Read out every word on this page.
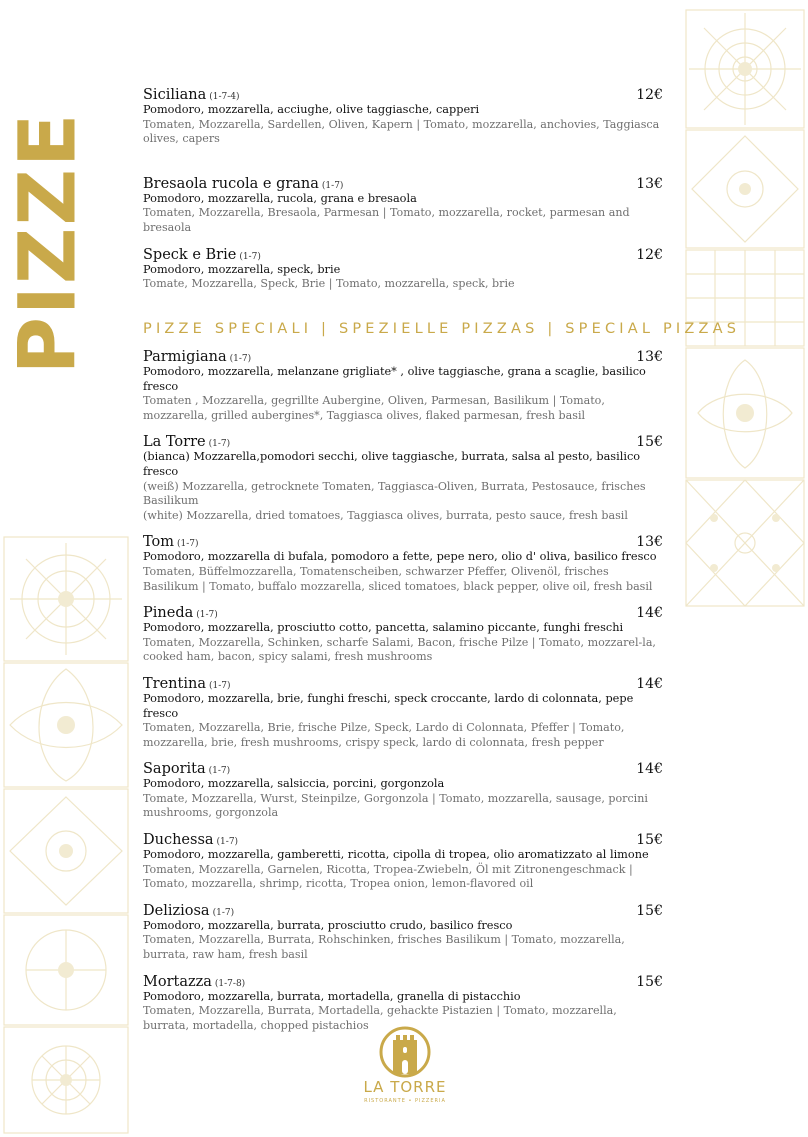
PIZZE
Siciliana (1-7-4)	12€
Pomodoro, mozzarella, acciughe, olive taggiasche, capperi
Tomaten, Mozzarella, Sardellen, Oliven, Kapern | Tomato, mozzarella, anchovies, Taggiasca olives, capers
Bresaola rucola e grana (1-7)	13€
Pomodoro, mozzarella, rucola, grana e bresaola
Tomaten, Mozzarella, Bresaola, Parmesan | Tomato, mozzarella, rocket, parmesan and bresaola
Speck e Brie (1-7)	12€
Pomodoro, mozzarella, speck, brie
Tomate, Mozzarella, Speck, Brie | Tomato, mozzarella, speck, brie
PIZZE SPECIALI | SPEZIELLE PIZZAS | SPECIAL PIZZAS
Parmigiana (1-7)	13€
Pomodoro, mozzarella, melanzane grigliate* , olive taggiasche, grana a scaglie, basilico fresco
Tomaten , Mozzarella, gegrillte Aubergine, Oliven, Parmesan, Basilikum | Tomato, mozzarella, grilled aubergines*, Taggiasca olives, flaked parmesan, fresh basil
La Torre (1-7)	15€
(bianca) Mozzarella,pomodori secchi, olive taggiasche, burrata, salsa al pesto, basilico fresco
(weiß) Mozzarella, getrocknete Tomaten, Taggiasca-Oliven, Burrata, Pestosauce, frisches Basilikum
(white) Mozzarella, dried tomatoes, Taggiasca olives, burrata, pesto sauce, fresh basil
Tom (1-7)	13€
Pomodoro, mozzarella di bufala, pomodoro a fette, pepe nero, olio d' oliva, basilico fresco
Tomaten, Büffelmozzarella, Tomatenscheiben, schwarzer Pfeffer, Olivenöl, frisches Basilikum | Tomato, buffalo mozzarella, sliced tomatoes, black pepper, olive oil, fresh basil
Pineda (1-7)	14€
Pomodoro, mozzarella, prosciutto cotto, pancetta, salamino piccante, funghi freschi
Tomaten, Mozzarella, Schinken, scharfe Salami, Bacon, frische Pilze | Tomato, mozzarel-la, cooked ham, bacon, spicy salami, fresh mushrooms
Trentina (1-7)	14€
Pomodoro, mozzarella, brie, funghi freschi, speck croccante, lardo di colonnata, pepe fresco
Tomaten, Mozzarella, Brie, frische Pilze, Speck, Lardo di Colonnata, Pfeffer | Tomato, mozzarella, brie, fresh mushrooms, crispy speck, lardo di colonnata, fresh pepper
Saporita (1-7)	14€
Pomodoro, mozzarella, salsiccia, porcini, gorgonzola
Tomate, Mozzarella, Wurst, Steinpilze, Gorgonzola | Tomato, mozzarella, sausage, porcini mushrooms, gorgonzola
Duchessa (1-7)	15€
Pomodoro, mozzarella, gamberetti, ricotta, cipolla di tropea, olio aromatizzato al limone
Tomaten, Mozzarella, Garnelen, Ricotta, Tropea-Zwiebeln, Öl mit Zitronengeschmack | Tomato, mozzarella, shrimp, ricotta, Tropea onion, lemon-flavored oil
Deliziosa (1-7)	15€
Pomodoro, mozzarella, burrata, prosciutto crudo, basilico fresco
Tomaten, Mozzarella, Burrata, Rohschinken, frisches Basilikum | Tomato, mozzarella, burrata, raw ham, fresh basil
Mortazza (1-7-8)	15€
Pomodoro, mozzarella, burrata, mortadella, granella di pistacchio
Tomaten, Mozzarella, Burrata, Mortadella, gehackte Pistazien | Tomato, mozzarella, burrata, mortadella, chopped pistachios
LA TORRE
RISTORANTE • PIZZERIA
